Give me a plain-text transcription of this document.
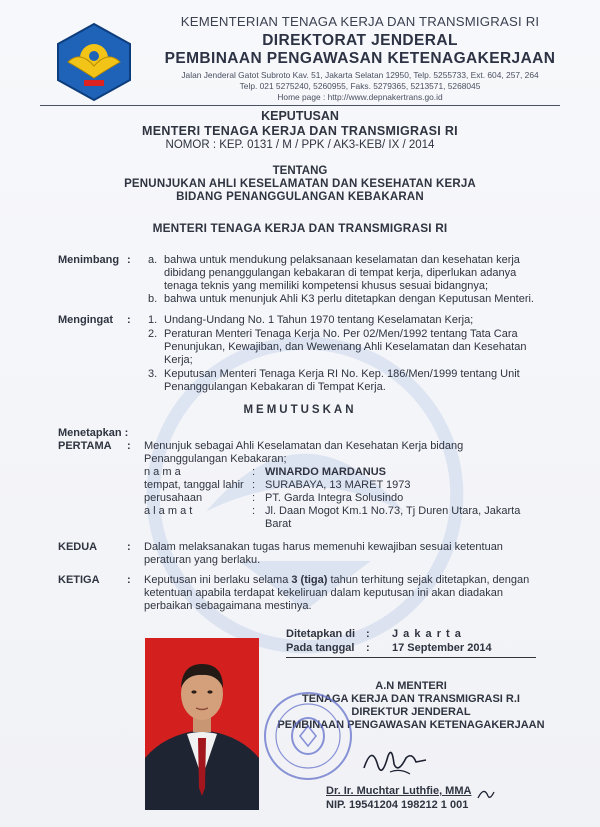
KEMENTERIAN TENAGA KERJA DAN TRANSMIGRASI RI
DIREKTORAT JENDERAL
PEMBINAAN PENGAWASAN KETENAGAKERJAAN
Jalan Jenderal Gatot Subroto Kav. 51, Jakarta Selatan 12950, Telp. 5255733, Ext. 604, 257, 264
Telp. 021 5275240, 5260955, Faks. 5279365, 5213571, 5268045
Home page : http://www.depnakertrans.go.id
KEPUTUSAN
MENTERI TENAGA KERJA DAN TRANSMIGRASI RI
NOMOR : KEP. 0131 / M / PPK / AK3-KEB/ IX / 2014
TENTANG
PENUNJUKAN AHLI KESELAMATAN DAN KESEHATAN KERJA
BIDANG PENANGGULANGAN KEBAKARAN
MENTERI TENAGA KERJA DAN TRANSMIGRASI RI
Menimbang : a. bahwa untuk mendukung pelaksanaan keselamatan dan kesehatan kerja
dibidang penanggulangan kebakaran di tempat kerja, diperlukan adanya
tenaga teknis yang memiliki kompetensi khusus sesuai bidangnya;
b. bahwa untuk menunjuk Ahli K3 perlu ditetapkan dengan Keputusan Menteri.
Mengingat : 1. Undang-Undang No. 1 Tahun 1970 tentang Keselamatan Kerja;
2. Peraturan Menteri Tenaga Kerja No. Per 02/Men/1992 tentang Tata Cara
Penunjukan, Kewajiban, dan Wewenang Ahli Keselamatan dan Kesehatan
Kerja;
3. Keputusan Menteri Tenaga Kerja RI No. Kep. 186/Men/1999 tentang Unit
Penanggulangan Kebakaran di Tempat Kerja.
MEMUTUSKAN
Menetapkan :
PERTAMA : Menunjuk sebagai Ahli Keselamatan dan Kesehatan Kerja bidang
Penanggulangan Kebakaran;
n a m a	: WINARDO MARDANUS
tempat, tanggal lahir : SURABAYA, 13 MARET 1973
perusahaan	: PT. Garda Integra Solusindo
a l a m a t	: Jl. Daan Mogot Km.1 No.73, Tj Duren Utara, Jakarta
Barat
KEDUA	: Dalam melaksanakan tugas harus memenuhi kewajiban sesuai ketentuan
peraturan yang berlaku.
KETIGA : Keputusan ini berlaku selama 3 (tiga) tahun terhitung sejak ditetapkan, dengan
ketentuan apabila terdapat kekeliruan dalam keputusan ini akan diadakan
perbaikan sebagaimana mestinya.
Ditetapkan di : J a k a r t a
Pada tanggal : 17 September 2014
A.N MENTERI
TENAGA KERJA DAN TRANSMIGRASI R.I
DIREKTUR JENDERAL
PEMBINAAN PENGAWASAN KETENAGAKERJAAN
Dr. Ir. Muchtar Luthfie, MMA
NIP. 19541204 198212 1 001
